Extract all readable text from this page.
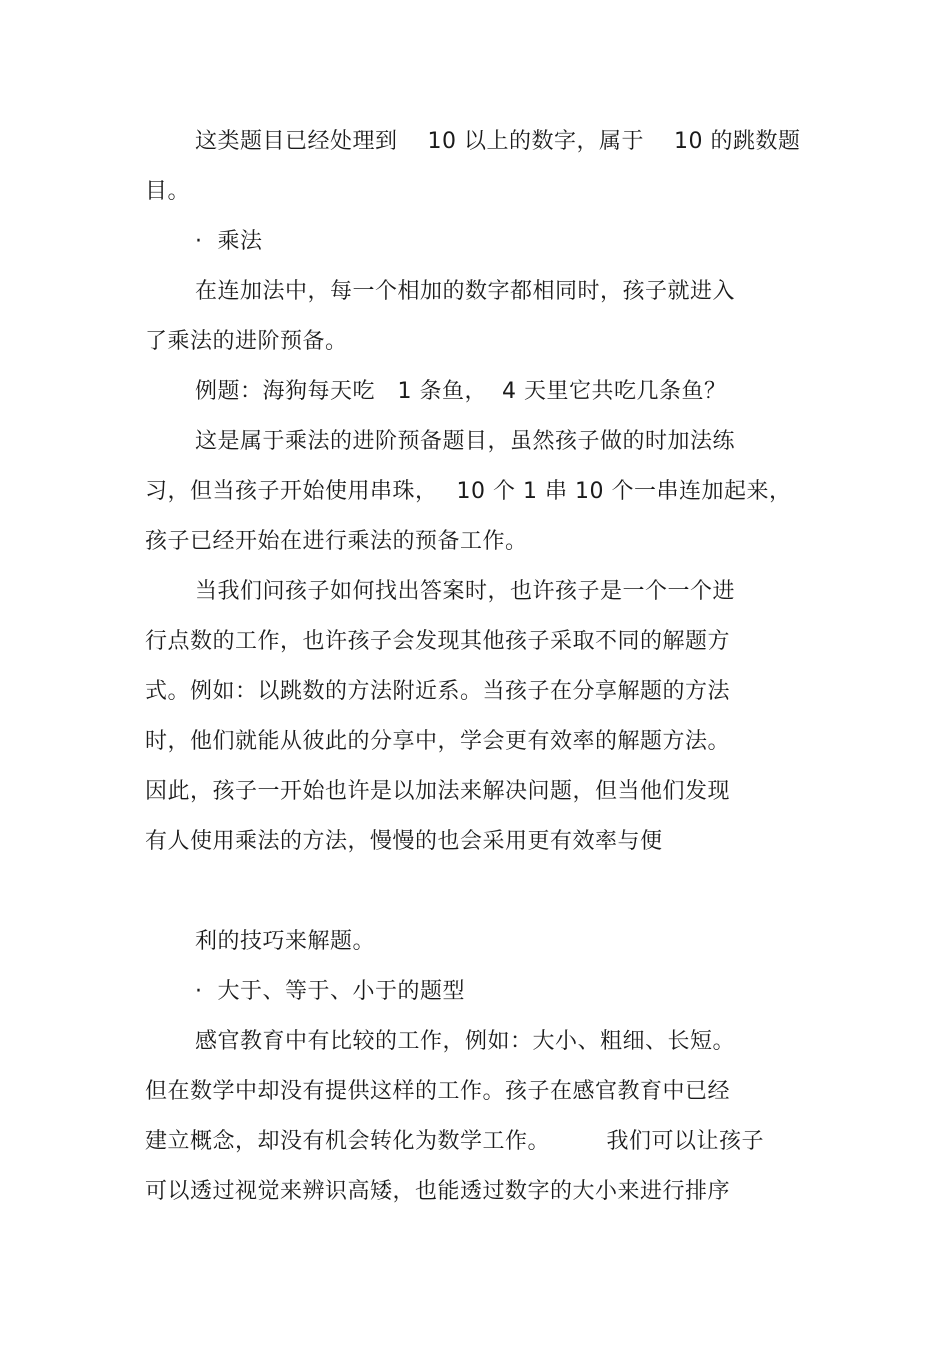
这类题目已经处理到　 10 以上的数字，属于　 10 的跳数题
目。
·  乘法
在连加法中，每一个相加的数字都相同时，孩子就进入
了乘法的进阶预备。
例题：海狗每天吃　1 条鱼，  4 天里它共吃几条鱼？
这是属于乘法的进阶预备题目，虽然孩子做的时加法练
习，但当孩子开始使用串珠，　 10 个 1 串 10 个一串连加起来，
孩子已经开始在进行乘法的预备工作。
当我们问孩子如何找出答案时，也许孩子是一个一个进
行点数的工作，也许孩子会发现其他孩子采取不同的解题方
式。例如：以跳数的方法附近系。当孩子在分享解题的方法
时，他们就能从彼此的分享中，学会更有效率的解题方法。
因此，孩子一开始也许是以加法来解决问题，但当他们发现
有人使用乘法的方法，慢慢的也会采用更有效率与便
利的技巧来解题。
·  大于、等于、小于的题型
感官教育中有比较的工作，例如：大小、粗细、长短。
但在数学中却没有提供这样的工作。孩子在感官教育中已经
建立概念，却没有机会转化为数学工作。　　　我们可以让孩子
可以透过视觉来辨识高矮，也能透过数字的大小来进行排序
